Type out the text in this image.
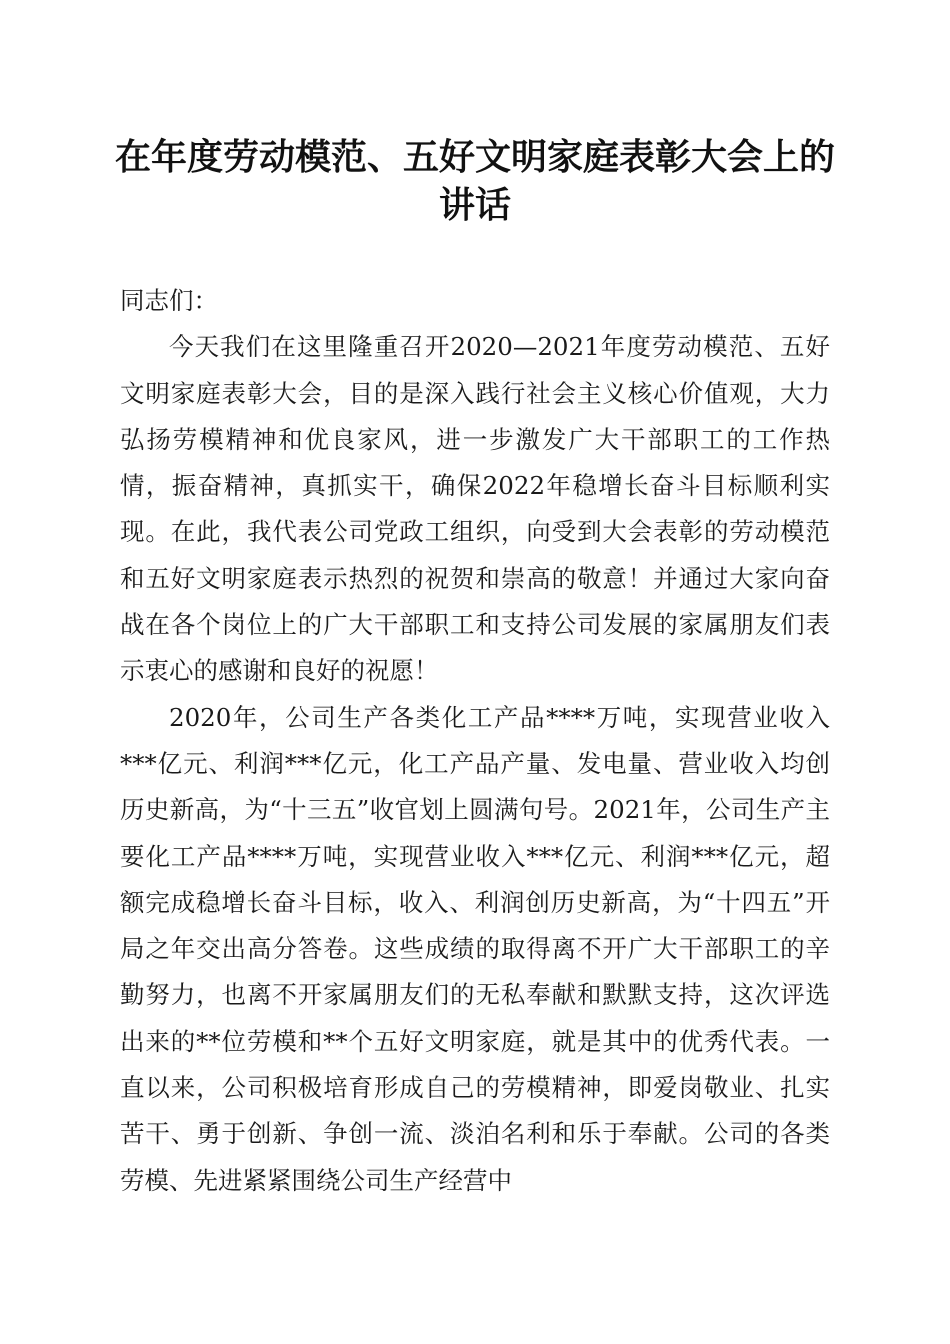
在年度劳动模范、五好文明家庭表彰大会上的讲话

同志们：

今天我们在这里隆重召开2020—2021年度劳动模范、五好文明家庭表彰大会，目的是深入践行社会主义核心价值观，大力弘扬劳模精神和优良家风，进一步激发广大干部职工的工作热情，振奋精神，真抓实干，确保2022年稳增长奋斗目标顺利实现。在此，我代表公司党政工组织，向受到大会表彰的劳动模范和五好文明家庭表示热烈的祝贺和崇高的敬意！并通过大家向奋战在各个岗位上的广大干部职工和支持公司发展的家属朋友们表示衷心的感谢和良好的祝愿！

2020年，公司生产各类化工产品****万吨，实现营业收入***亿元、利润***亿元，化工产品产量、发电量、营业收入均创历史新高，为“十三五”收官划上圆满句号。2021年，公司生产主要化工产品****万吨，实现营业收入***亿元、利润***亿元，超额完成稳增长奋斗目标，收入、利润创历史新高，为“十四五”开局之年交出高分答卷。这些成绩的取得离不开广大干部职工的辛勤努力，也离不开家属朋友们的无私奉献和默默支持，这次评选出来的**位劳模和**个五好文明家庭，就是其中的优秀代表。一直以来，公司积极培育形成自己的劳模精神，即爱岗敬业、扎实苦干、勇于创新、争创一流、淡泊名利和乐于奉献。公司的各类劳模、先进紧紧围绕公司生产经营中
